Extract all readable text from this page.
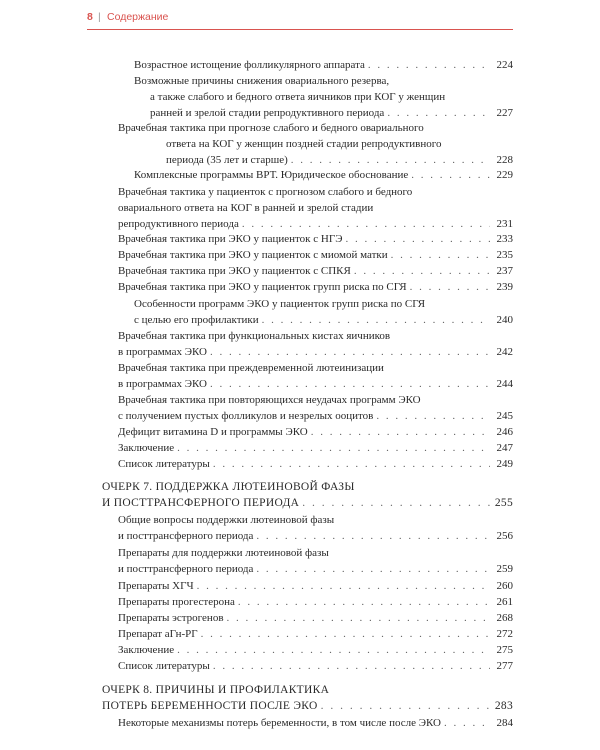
8 | Содержание
Возрастное истощение фолликулярного аппарата . . .	224
Возможные причины снижения овариального резерва,
а также слабого и бедного ответа яичников при КОГ у женщин
ранней и зрелой стадии репродуктивного периода . . .	227
Врачебная тактика при прогнозе слабого и бедного овариального
ответа на КОГ у женщин поздней стадии репродуктивного
периода (35 лет и старше) . . .	228
Комплексные программы ВРТ. Юридическое обоснование . . .	229
Врачебная тактика у пациенток с прогнозом слабого и бедного
овариального ответа на КОГ в ранней и зрелой стадии
репродуктивного периода . . .	231
Врачебная тактика при ЭКО у пациенток с НГЭ . . .	233
Врачебная тактика при ЭКО у пациенток с миомой матки . . .	235
Врачебная тактика при ЭКО у пациенток с СПКЯ . . .	237
Врачебная тактика при ЭКО у пациенток групп риска по СГЯ . . .	239
Особенности программ ЭКО у пациенток групп риска по СГЯ
с целью его профилактики . . .	240
Врачебная тактика при функциональных кистах яичников
в программах ЭКО . . .	242
Врачебная тактика при преждевременной лютеинизации
в программах ЭКО . . .	244
Врачебная тактика при повторяющихся неудачах программ ЭКО
с получением пустых фолликулов и незрелых ооцитов . . .	245
Дефицит витамина D и программы ЭКО . . .	246
Заключение . . .	247
Список литературы . . .	249
ОЧЕРК 7. ПОДДЕРЖКА ЛЮТЕИНОВОЙ ФАЗЫ
И ПОСТТРАНСФЕРНОГО ПЕРИОДА . . .	255
Общие вопросы поддержки лютеиновой фазы
и посттрансферного периода . . .	256
Препараты для поддержки лютеиновой фазы
и посттрансферного периода . . .	259
Препараты ХГЧ . . .	260
Препараты прогестерона . . .	261
Препараты эстрогенов . . .	268
Препарат аГн-РГ . . .	272
Заключение . . .	275
Список литературы . . .	277
ОЧЕРК 8. ПРИЧИНЫ И ПРОФИЛАКТИКА
ПОТЕРЬ БЕРЕМЕННОСТИ ПОСЛЕ ЭКО . . .	283
Некоторые механизмы потерь беременности, в том числе после ЭКО . . .	284
